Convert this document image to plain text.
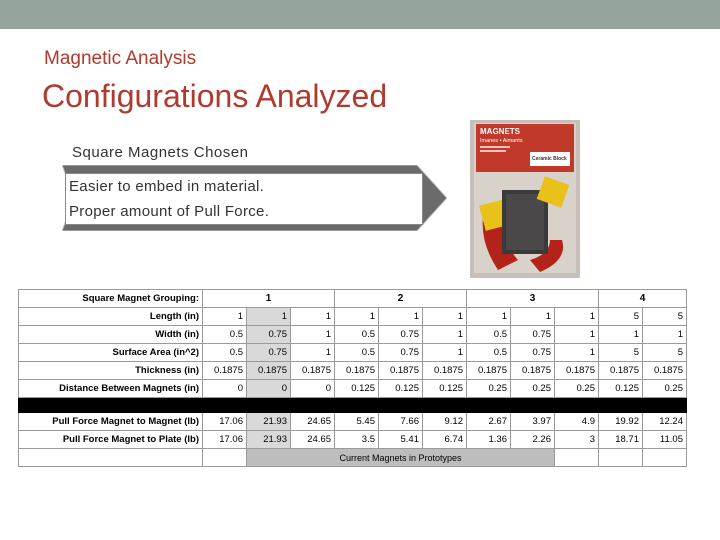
Magnetic Analysis
Configurations Analyzed
Square Magnets Chosen
Easier to embed in material.
Proper amount of Pull Force.
MAGNETS
Imanes • Aimants
Ceramic Block
Square Magnet Grouping:	1			2			3			4	
Length (in)	1	1	1	1	1	1	1	1	1	5	5
Width (in)	0.5	0.75	1	0.5	0.75	1	0.5	0.75	1	1	1
Surface Area (in^2)	0.5	0.75	1	0.5	0.75	1	0.5	0.75	1	5	5
Thickness (in)	0.1875	0.1875	0.1875	0.1875	0.1875	0.1875	0.1875	0.1875	0.1875	0.1875	0.1875
Distance Between Magnets (in)	0	0	0	0.125	0.125	0.125	0.25	0.25	0.25	0.125	0.25

Pull Force Magnet to Magnet (lb)	17.06	21.93	24.65	5.45	7.66	9.12	2.67	3.97	4.9	19.92	12.24
Pull Force Magnet to Plate (lb)	17.06	21.93	24.65	3.5	5.41	6.74	1.36	2.26	3	18.71	11.05
		Current Magnets in Prototypes									
